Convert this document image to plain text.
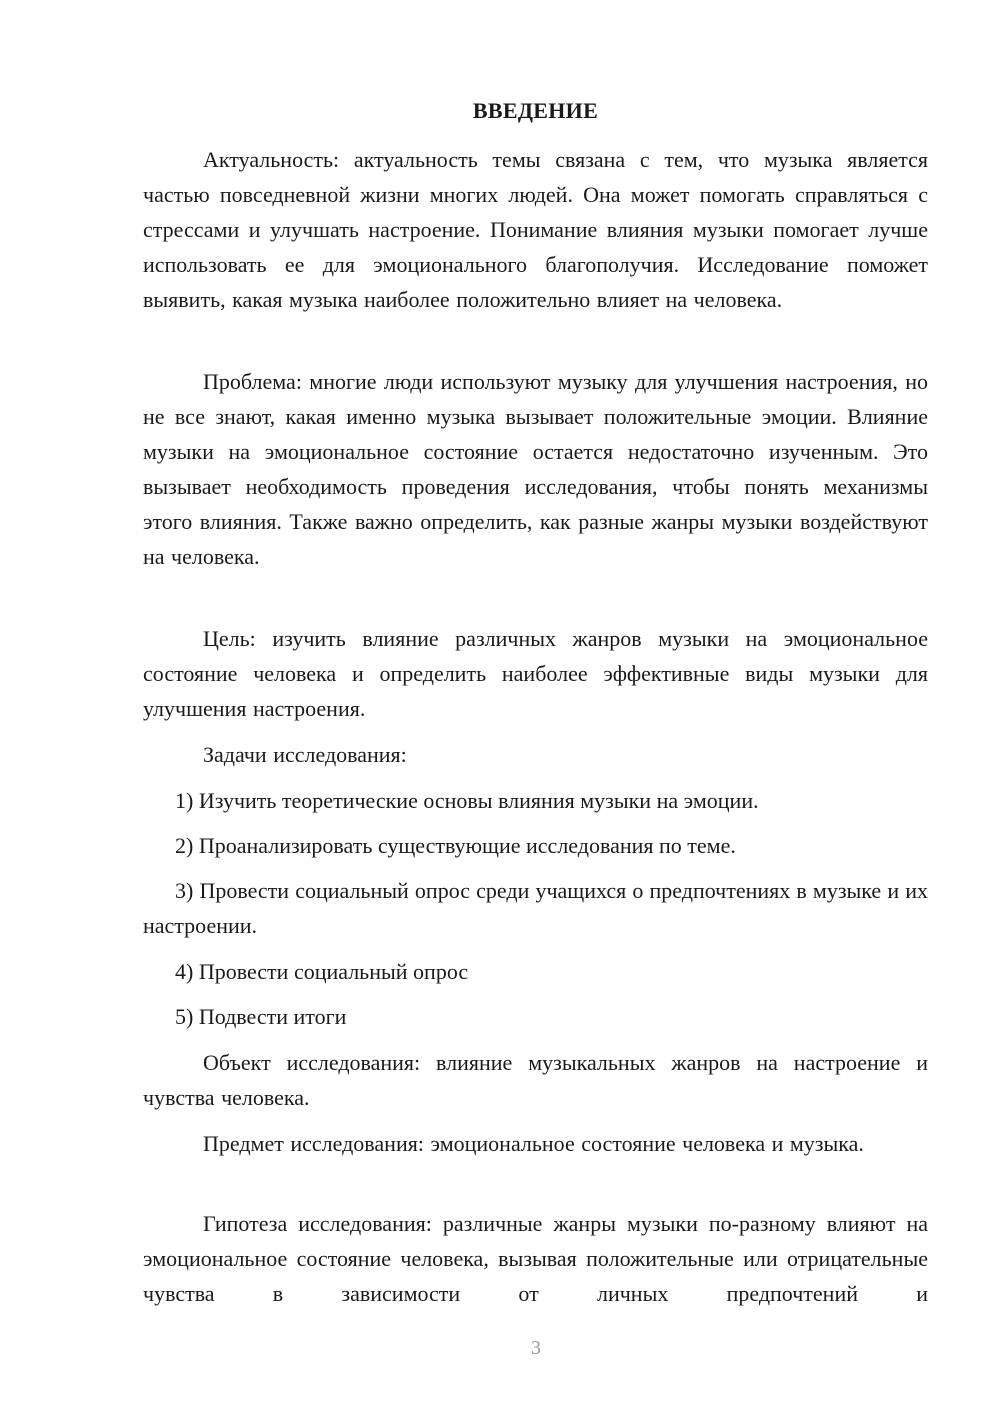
ВВЕДЕНИЕ

Актуальность: актуальность темы связана с тем, что музыка является частью повседневной жизни многих людей. Она может помогать справляться с стрессами и улучшать настроение. Понимание влияния музыки помогает лучше использовать ее для эмоционального благополучия. Исследование поможет выявить, какая музыка наиболее положительно влияет на человека.

Проблема: многие люди используют музыку для улучшения настроения, но не все знают, какая именно музыка вызывает положительные эмоции. Влияние музыки на эмоциональное состояние остается недостаточно изученным. Это вызывает необходимость проведения исследования, чтобы понять механизмы этого влияния. Также важно определить, как разные жанры музыки воздействуют на человека.

Цель: изучить влияние различных жанров музыки на эмоциональное состояние человека и определить наиболее эффективные виды музыки для улучшения настроения.

Задачи исследования:

1) Изучить теоретические основы влияния музыки на эмоции.

2) Проанализировать существующие исследования по теме.

3) Провести социальный опрос среди учащихся о предпочтениях в музыке и их настроении.

4) Провести социальный опрос

5) Подвести итоги

Объект исследования: влияние музыкальных жанров на настроение и чувства человека.

Предмет исследования: эмоциональное состояние человека и музыка.

Гипотеза исследования: различные жанры музыки по-разному влияют на эмоциональное состояние человека, вызывая положительные или отрицательные чувства в зависимости от личных предпочтений и

3
